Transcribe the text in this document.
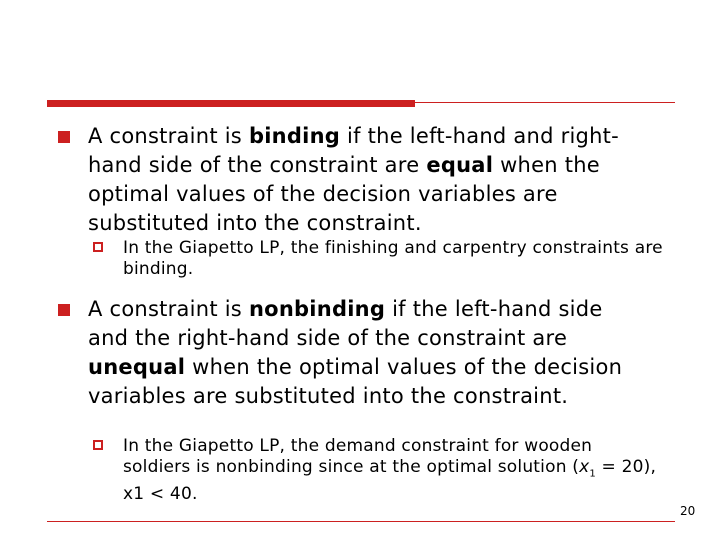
A constraint is binding if the left-hand and right-hand side of the constraint are equal when the optimal values of the decision variables are substituted into the constraint.
In the Giapetto LP, the finishing and carpentry constraints are binding.
A constraint is nonbinding if the left-hand side and the right-hand side of the constraint are unequal when the optimal values of the decision variables are substituted into the constraint.
In the Giapetto LP, the demand constraint for wooden soldiers is nonbinding since at the optimal solution $(x_1 = 20)$, x1 < 40.
20
